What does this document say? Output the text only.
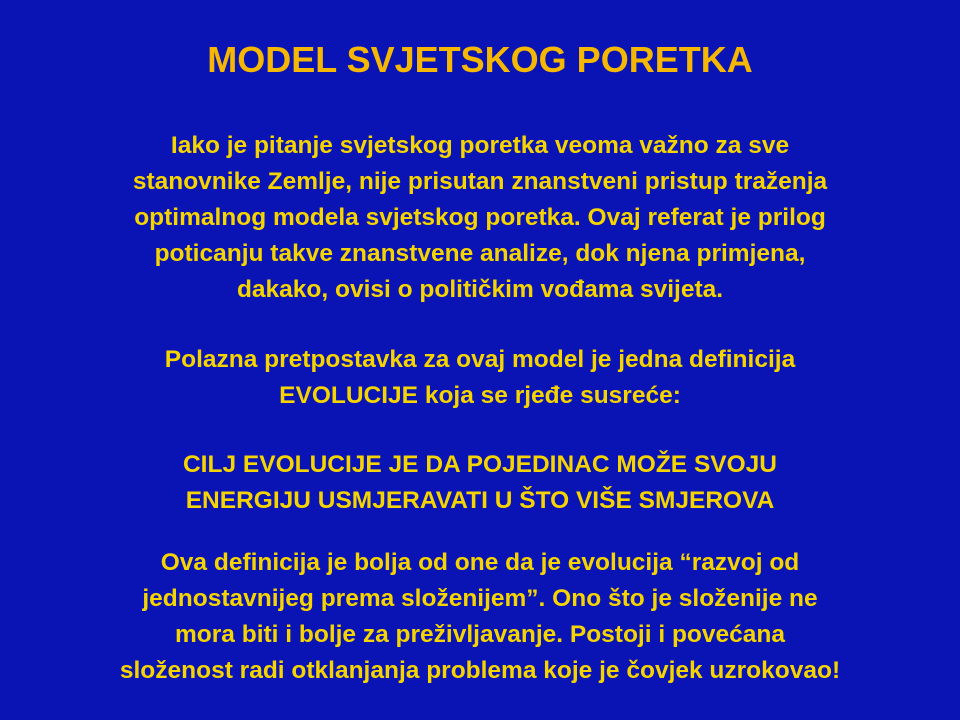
MODEL SVJETSKOG PORETKA

Iako je pitanje svjetskog poretka veoma važno za sve
stanovnike Zemlje, nije prisutan znanstveni pristup traženja
optimalnog modela svjetskog poretka. Ovaj referat je prilog
poticanju takve znanstvene analize, dok njena primjena,
dakako, ovisi o političkim vođama svijeta.

Polazna pretpostavka za ovaj model je jedna definicija
EVOLUCIJE koja se rjeđe susreće:

CILJ EVOLUCIJE JE DA POJEDINAC MOŽE SVOJU
ENERGIJU USMJERAVATI U ŠTO VIŠE SMJEROVA

Ova definicija je bolja od one da je evolucija “razvoj od
jednostavnijeg prema složenijem”. Ono što je složenije ne
mora biti i bolje za preživljavanje. Postoji i povećana
složenost radi otklanjanja problema koje je čovjek uzrokovao!
